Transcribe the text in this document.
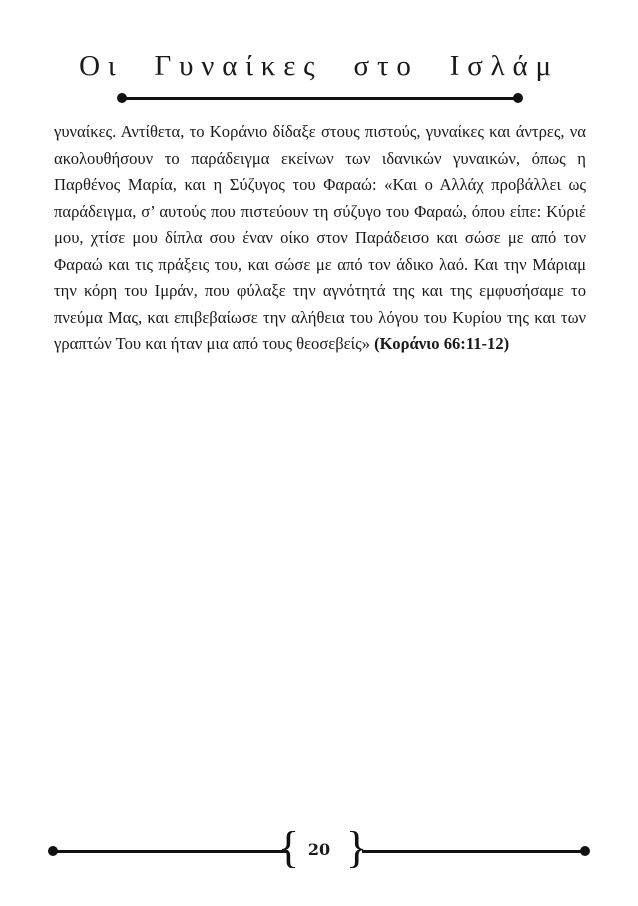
Οι Γυναίκες στο Ισλάμ
γυναίκες. Αντίθετα, το Κοράνιο δίδαξε στους πιστούς, γυναίκες και άντρες, να ακολουθήσουν το παράδειγμα εκείνων των ιδανικών γυναικών, όπως η Παρθένος Μαρία, και η Σύζυγος του Φαραώ: «Και ο Αλλάχ προβάλλει ως παράδειγμα, σ’ αυτούς που πιστεύουν τη σύζυγο του Φαραώ, όπου είπε: Κύριέ μου, χτίσε μου δίπλα σου έναν οίκο στον Παράδεισο και σώσε με από τον Φαραώ και τις πράξεις του, και σώσε με από τον άδικο λαό. Και την Μάριαμ την κόρη του Ιμράν, που φύλαξε την αγνότητά της και της εμφυσήσαμε το πνεύμα Μας, και επιβεβαίωσε την αλήθεια του λόγου του Κυρίου της και των γραπτών Του και ήταν μια από τους θεοσεβείς» (Κοράνιο 66:11-12)
{ 20 }
